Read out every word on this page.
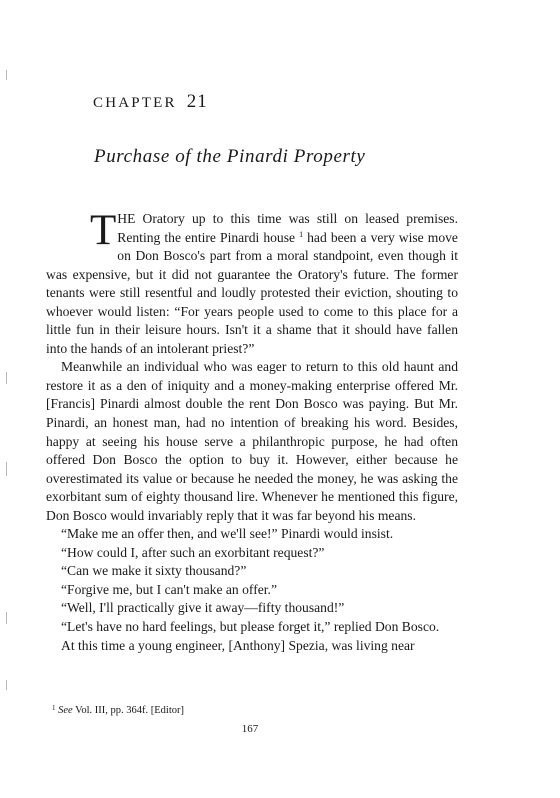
CHAPTER 21
Purchase of the Pinardi Property

THE Oratory up to this time was still on leased premises. Renting the entire Pinardi house $^1$ had been a very wise move on Don Bosco's part from a moral standpoint, even though it was expensive, but it did not guarantee the Oratory's future. The former tenants were still resentful and loudly protested their eviction, shouting to whoever would listen: “For years people used to come to this place for a little fun in their leisure hours. Isn't it a shame that it should have fallen into the hands of an intolerant priest?”

Meanwhile an individual who was eager to return to this old haunt and restore it as a den of iniquity and a money-making enterprise offered Mr. [Francis] Pinardi almost double the rent Don Bosco was paying. But Mr. Pinardi, an honest man, had no intention of breaking his word. Besides, happy at seeing his house serve a philanthropic purpose, he had often offered Don Bosco the option to buy it. However, either because he overestimated its value or because he needed the money, he was asking the exorbitant sum of eighty thousand lire. Whenever he mentioned this figure, Don Bosco would invariably reply that it was far beyond his means.

“Make me an offer then, and we'll see!” Pinardi would insist.

“How could I, after such an exorbitant request?”

“Can we make it sixty thousand?”

“Forgive me, but I can't make an offer.”

“Well, I'll practically give it away—fifty thousand!”

“Let's have no hard feelings, but please forget it,” replied Don Bosco.

At this time a young engineer, [Anthony] Spezia, was living near

$^1$ See Vol. III, pp. 364f. [Editor]
167
